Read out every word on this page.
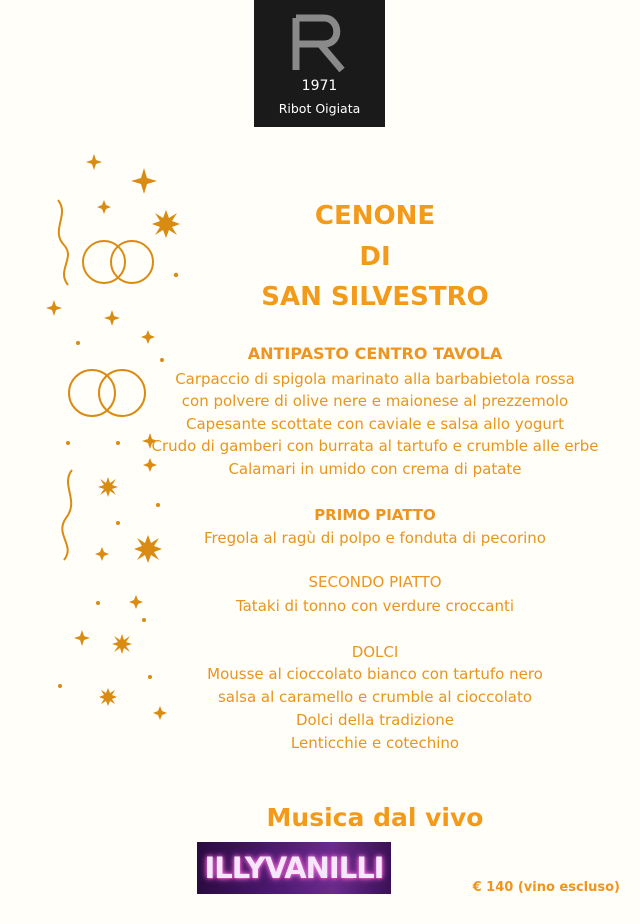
1971
Ribot Oigiata
CENONE
DI
SAN SILVESTRO
ANTIPASTO CENTRO TAVOLA
Carpaccio di spigola marinato alla barbabietola rossa
con polvere di olive nere e maionese al prezzemolo
Capesante scottate con caviale e salsa allo yogurt
Crudo di gamberi con burrata al tartufo e crumble alle erbe
Calamari in umido con crema di patate
PRIMO PIATTO
Fregola al ragù di polpo e fonduta di pecorino
SECONDO PIATTO
Tataki di tonno con verdure croccanti
DOLCI
Mousse al cioccolato bianco con tartufo nero
salsa al caramello e crumble al cioccolato
Dolci della tradizione
Lenticchie e cotechino
Musica dal vivo
ILLYVANILLI
€ 140 (vino escluso)
